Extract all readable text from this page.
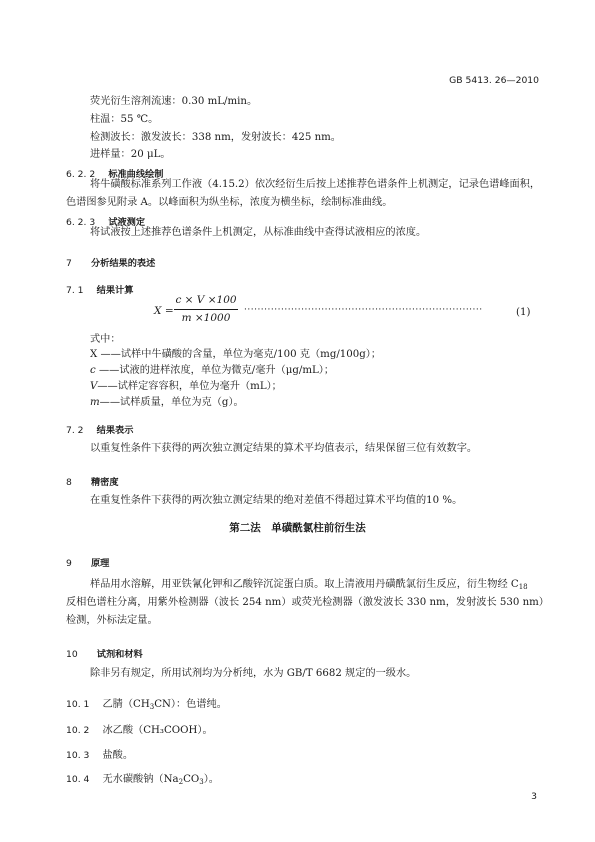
GB 5413. 26—2010
荧光衍生溶剂流速：0.30 mL/min。
柱温：55 ℃。
检测波长：激发波长：338 nm，发射波长：425 nm。
进样量：20 μL。
6. 2. 2 标准曲线绘制
将牛磺酸标准系列工作液（4.15.2）依次经衍生后按上述推荐色谱条件上机测定，记录色谱峰面积，
色谱图参见附录 A。以峰面积为纵坐标，浓度为横坐标，绘制标准曲线。
6. 2. 3 试液测定
将试液按上述推荐色谱条件上机测定，从标准曲线中查得试液相应的浓度。
7 分析结果的表述
7. 1 结果计算
X =
c × V ×100
m ×1000
·······································································	(1)
式中：
X ——试样中牛磺酸的含量，单位为毫克/100 克（mg/100g）；
c ——试液的进样浓度，单位为微克/毫升（μg/mL）；
V——试样定容容积，单位为毫升（mL）；
m——试样质量，单位为克（g）。
7. 2 结果表示
以重复性条件下获得的两次独立测定结果的算术平均值表示，结果保留三位有效数字。
8 精密度
在重复性条件下获得的两次独立测定结果的绝对差值不得超过算术平均值的10 %。
第二法　单磺酰氯柱前衍生法
9 原理
样品用水溶解，用亚铁氰化钾和乙酸锌沉淀蛋白质。取上清液用丹磺酰氯衍生反应，衍生物经 $C_{18}$
反相色谱柱分离，用紫外检测器（波长 254 nm）或荧光检测器（激发波长 330 nm，发射波长 530 nm）
检测，外标法定量。
10 试剂和材料
除非另有规定，所用试剂均为分析纯，水为 GB/T 6682 规定的一级水。
10. 1 乙腈$(CH_3CN)$：色谱纯。
10. 2 冰乙酸（CH₃COOH）。
10. 3 盐酸。
10. 4 无水碳酸钠$(Na_2CO_3)$。
3
